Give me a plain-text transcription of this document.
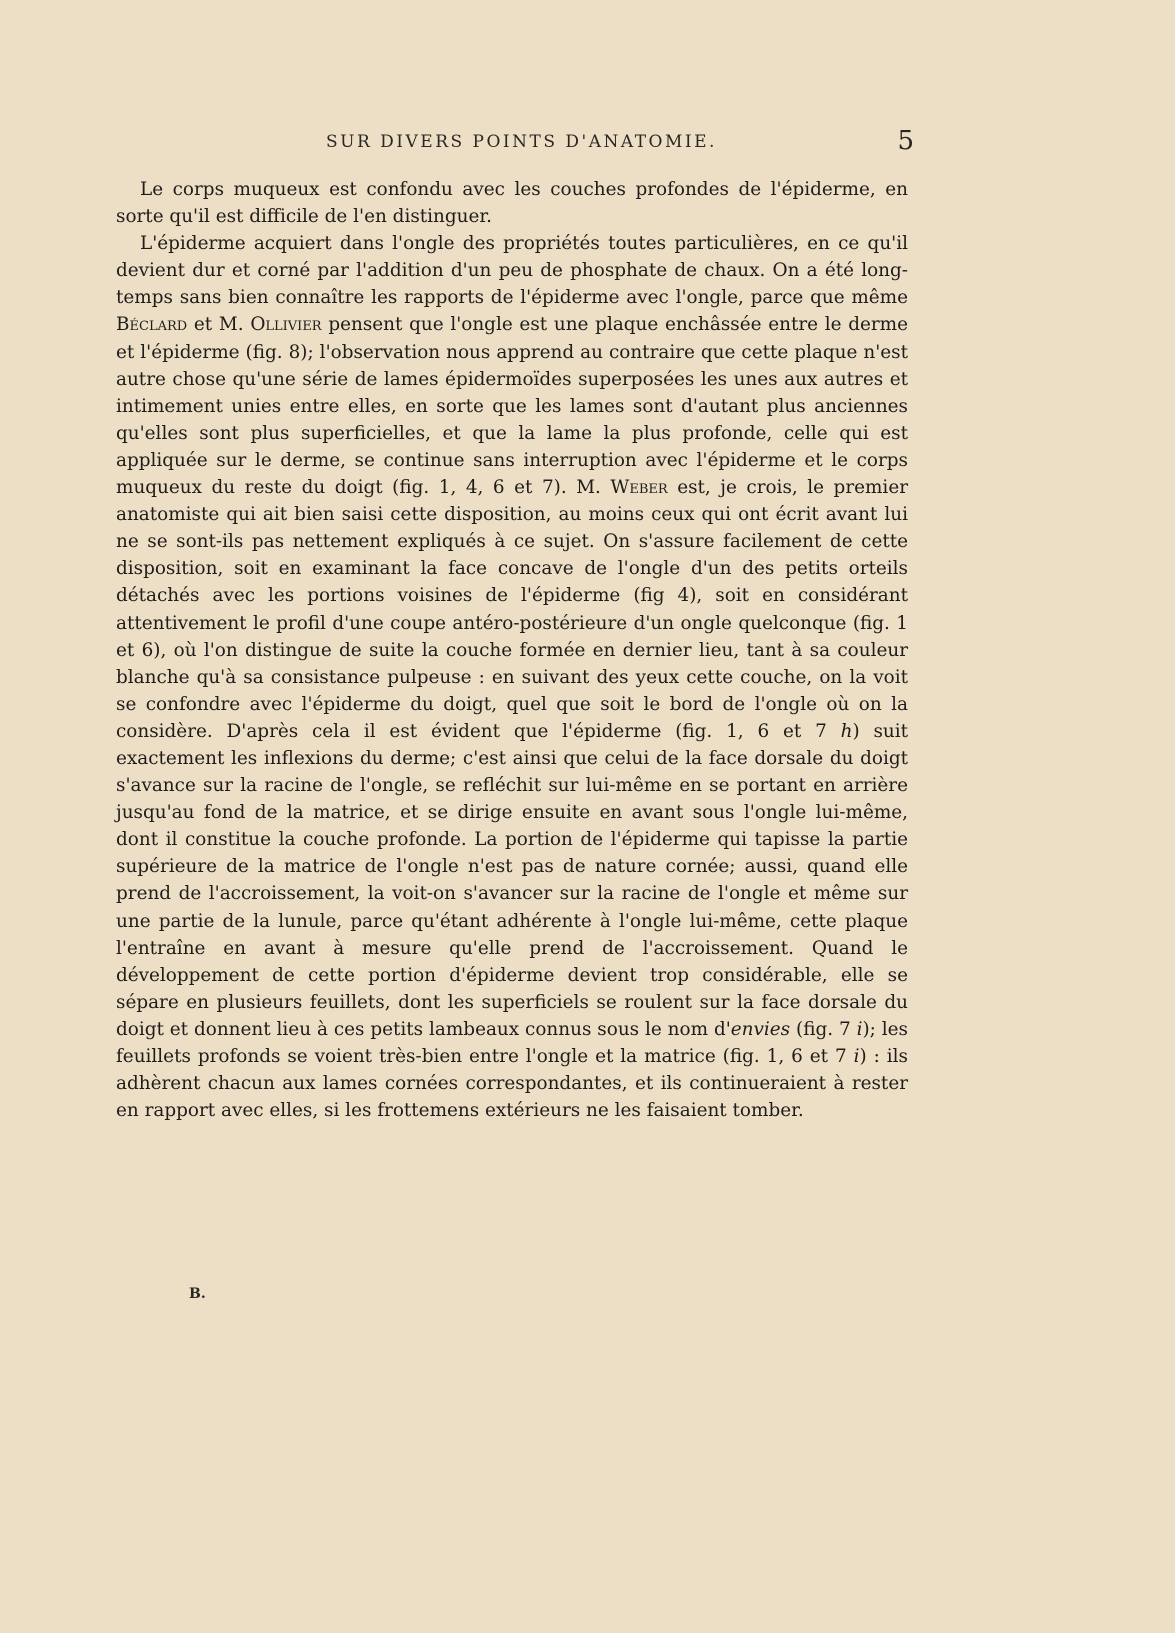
SUR DIVERS POINTS D'ANATOMIE.	5

Le corps muqueux est confondu avec les couches profondes de l'épiderme, en sorte qu'il est difficile de l'en distinguer.

L'épiderme acquiert dans l'ongle des propriétés toutes particulières, en ce qu'il devient dur et corné par l'addition d'un peu de phosphate de chaux. On a été long-temps sans bien connaître les rapports de l'épiderme avec l'ongle, parce que même Béclard et M. Ollivier pensent que l'ongle est une plaque enchâssée entre le derme et l'épiderme (fig. 8); l'observation nous apprend au contraire que cette plaque n'est autre chose qu'une série de lames épidermoïdes superposées les unes aux autres et intimement unies entre elles, en sorte que les lames sont d'autant plus anciennes qu'elles sont plus superficielles, et que la lame la plus profonde, celle qui est appliquée sur le derme, se continue sans interruption avec l'épiderme et le corps muqueux du reste du doigt (fig. 1, 4, 6 et 7). M. Weber est, je crois, le premier anatomiste qui ait bien saisi cette disposition, au moins ceux qui ont écrit avant lui ne se sont-ils pas nettement expliqués à ce sujet. On s'assure facilement de cette disposition, soit en examinant la face concave de l'ongle d'un des petits orteils détachés avec les portions voisines de l'épiderme (fig 4), soit en considérant attentivement le profil d'une coupe antéro-postérieure d'un ongle quelconque (fig. 1 et 6), où l'on distingue de suite la couche formée en dernier lieu, tant à sa couleur blanche qu'à sa consistance pulpeuse : en suivant des yeux cette couche, on la voit se confondre avec l'épiderme du doigt, quel que soit le bord de l'ongle où on la considère. D'après cela il est évident que l'épiderme (fig. 1, 6 et 7 h) suit exactement les inflexions du derme; c'est ainsi que celui de la face dorsale du doigt s'avance sur la racine de l'ongle, se refléchit sur lui-même en se portant en arrière jusqu'au fond de la matrice, et se dirige ensuite en avant sous l'ongle lui-même, dont il constitue la couche profonde. La portion de l'épiderme qui tapisse la partie supérieure de la matrice de l'ongle n'est pas de nature cornée; aussi, quand elle prend de l'accroissement, la voit-on s'avancer sur la racine de l'ongle et même sur une partie de la lunule, parce qu'étant adhérente à l'ongle lui-même, cette plaque l'entraîne en avant à mesure qu'elle prend de l'accroissement. Quand le développement de cette portion d'épiderme devient trop considérable, elle se sépare en plusieurs feuillets, dont les superficiels se roulent sur la face dorsale du doigt et donnent lieu à ces petits lambeaux connus sous le nom d'envies (fig. 7 i); les feuillets profonds se voient très-bien entre l'ongle et la matrice (fig. 1, 6 et 7 i) : ils adhèrent chacun aux lames cornées correspondantes, et ils continueraient à rester en rapport avec elles, si les frottemens extérieurs ne les faisaient tomber.

B.
